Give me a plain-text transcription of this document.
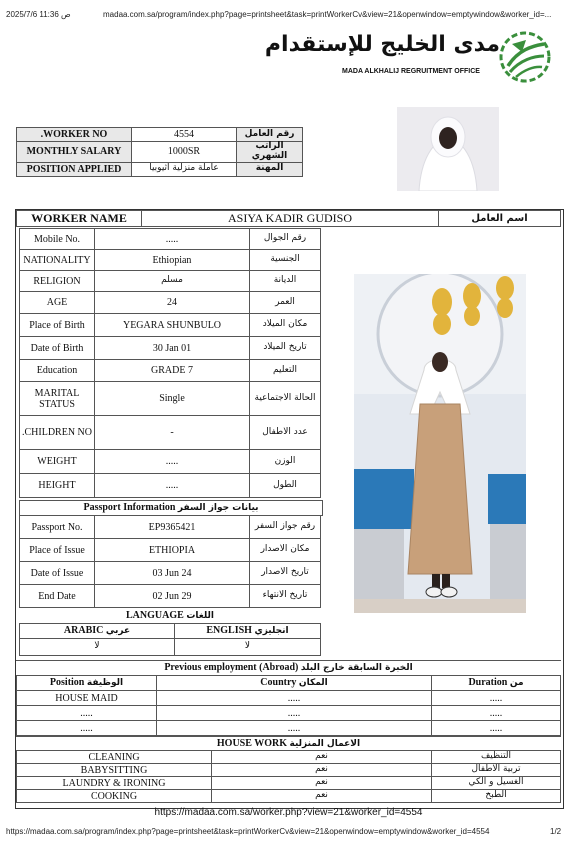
ص 11:36 2025/7/6	madaa.com.sa/program/index.php?page=printsheet&task=printWorkerCv&view=21&openwindow=emptywindow&worker_id=...
مدى الخليج للإستقدام
MADA ALKHALIJ REGRUITMENT OFFICE
.WORKER NO	4554	رقم العامل
MONTHLY SALARY	1000SR	الراتب الشهري
POSITION APPLIED	عاملة منزلية اثيوبيا	المهنة
WORKER NAME	ASIYA KADIR GUDISO	اسم العامل
Mobile No.	.....	رقم الجوال
NATIONALITY	Ethiopian	الجنسية
RELIGION	مسلم	الديانة
AGE	24	العمر
Place of Birth	YEGARA SHUNBULO	مكان الميلاد
Date of Birth	30 Jan 01	تاريخ الميلاد
Education	GRADE 7	التعليم
MARITAL STATUS	Single	الحالة الاجتماعية
.CHILDREN NO	-	عدد الاطفال
WEIGHT	.....	الوزن
HEIGHT	.....	الطول
Passport Information بيانات جواز السفر
Passport No.	EP9365421	رقم جواز السفر
Place of Issue	ETHIOPIA	مكان الاصدار
Date of Issue	03 Jun 24	تاريخ الاصدار
End Date	02 Jun 29	تاريخ الانتهاء
LANGUAGE اللغات
ARABIC عربي	ENGLISH انجليزي
لا	لا
Previous employment (Abroad) الخبرة السابقة خارج البلد
Position الوظيفة	Country المكان	Duration من
HOUSE MAID	.....	.....
.....	.....	.....
.....	.....	.....
HOUSE WORK الاعمال المنزلية
CLEANING	نعم	التنظيف
BABYSITTING	نعم	تربية الاطفال
LAUNDRY & IRONING	نعم	الغسيل و الكي
COOKING	نعم	الطبخ
https://madaa.com.sa/worker.php?view=21&worker_id=4554
https://madaa.com.sa/program/index.php?page=printsheet&task=printWorkerCv&view=21&openwindow=emptywindow&worker_id=4554	1/2
